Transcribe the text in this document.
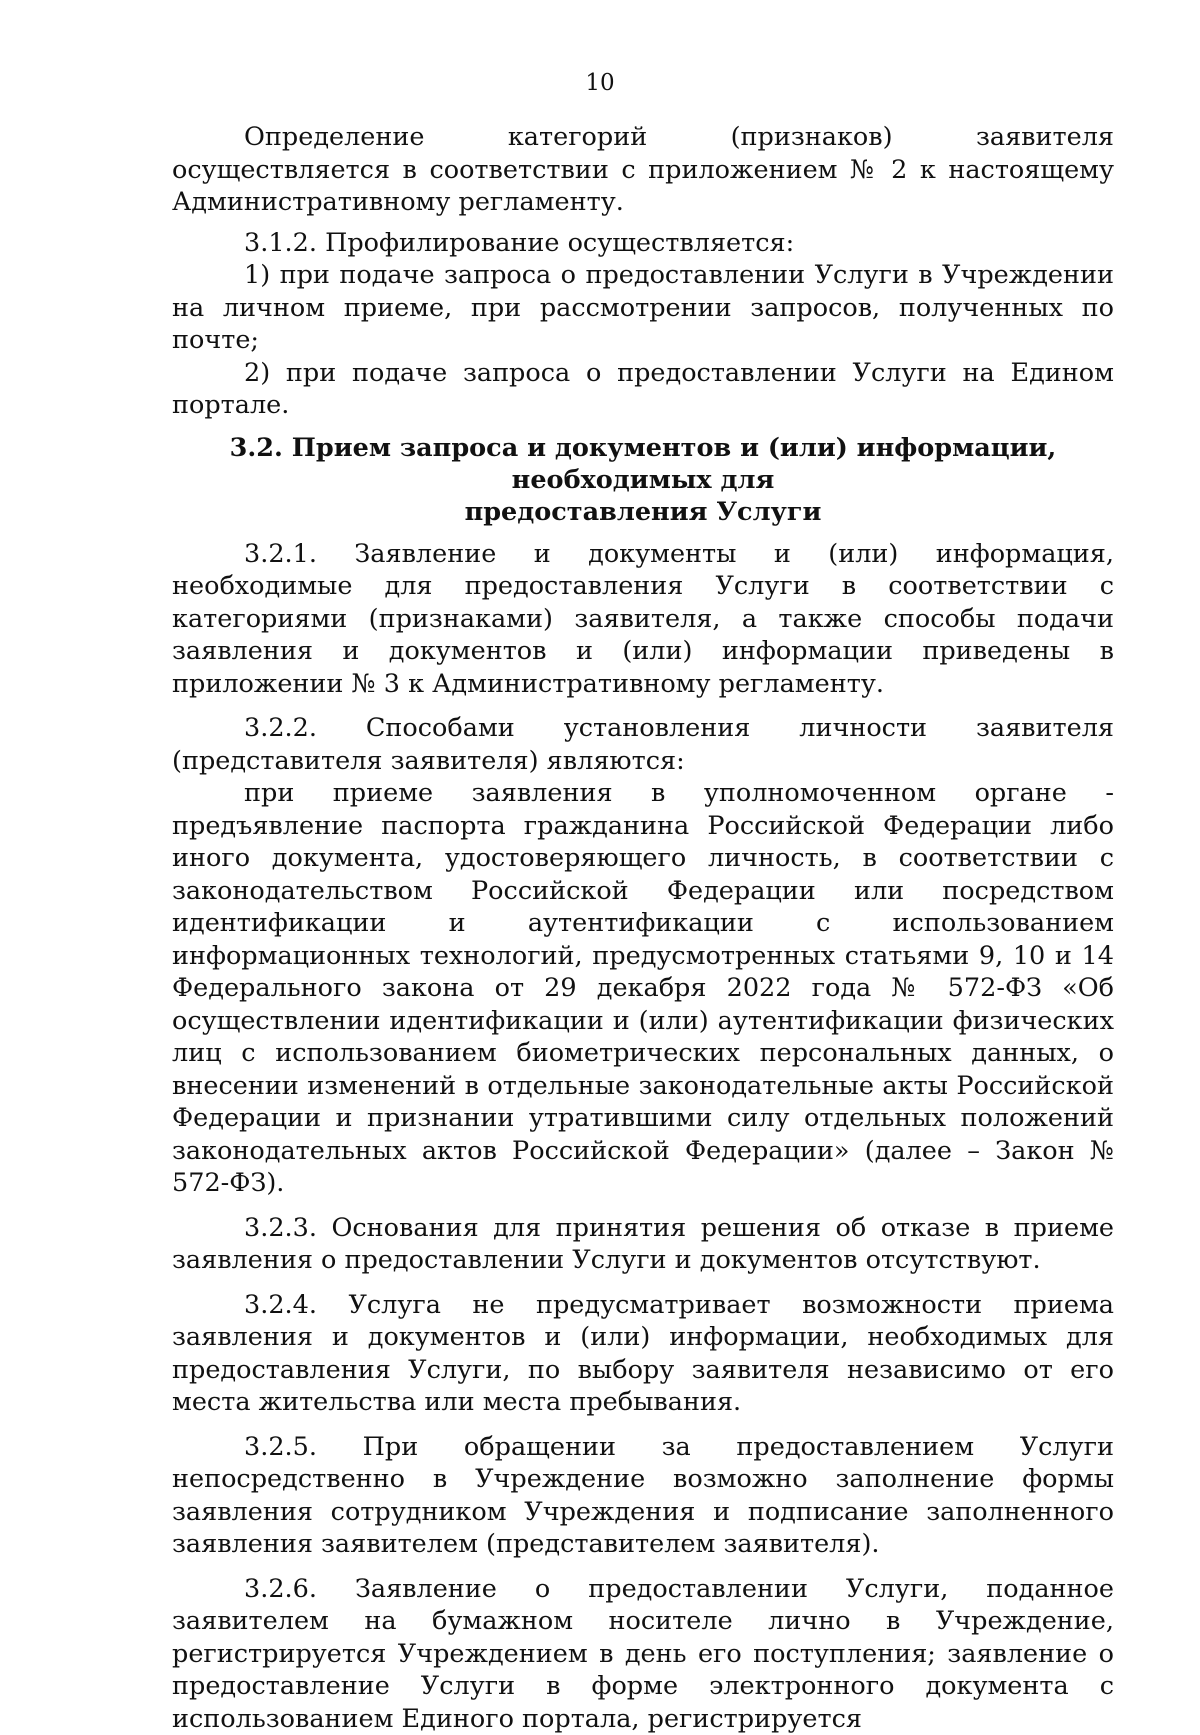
10

Определение категорий (признаков) заявителя осуществляется в соответствии с приложением № 2 к настоящему Административному регламенту.

3.1.2. Профилирование осуществляется:

1) при подаче запроса о предоставлении Услуги в Учреждении на личном приеме, при рассмотрении запросов, полученных по почте;

2) при подаче запроса о предоставлении Услуги на Едином портале.

3.2. Прием запроса и документов и (или) информации, необходимых для
предоставления Услуги

3.2.1. Заявление и документы и (или) информация, необходимые для предоставления Услуги в соответствии с категориями (признаками) заявителя, а также способы подачи заявления и документов и (или) информации приведены в приложении № 3 к Административному регламенту.

3.2.2. Способами установления личности заявителя (представителя заявителя) являются:

при приеме заявления в уполномоченном органе - предъявление паспорта гражданина Российской Федерации либо иного документа, удостоверяющего личность, в соответствии с законодательством Российской Федерации или посредством идентификации и аутентификации с использованием информационных технологий, предусмотренных статьями 9, 10 и 14 Федерального закона от 29 декабря 2022 года № 572-ФЗ «Об осуществлении идентификации и (или) аутентификации физических лиц с использованием биометрических персональных данных, о внесении изменений в отдельные законодательные акты Российской Федерации и признании утратившими силу отдельных положений законодательных актов Российской Федерации» (далее – Закон № 572-ФЗ).

3.2.3. Основания для принятия решения об отказе в приеме заявления о предоставлении Услуги и документов отсутствуют.

3.2.4. Услуга не предусматривает возможности приема заявления и документов и (или) информации, необходимых для предоставления Услуги, по выбору заявителя независимо от его места жительства или места пребывания.

3.2.5. При обращении за предоставлением Услуги непосредственно в Учреждение возможно заполнение формы заявления сотрудником Учреждения и подписание заполненного заявления заявителем (представителем заявителя).

3.2.6. Заявление о предоставлении Услуги, поданное заявителем на бумажном носителе лично в Учреждение, регистрируется Учреждением в день его поступления; заявление о предоставление Услуги в форме электронного документа с использованием Единого портала, регистрируется
